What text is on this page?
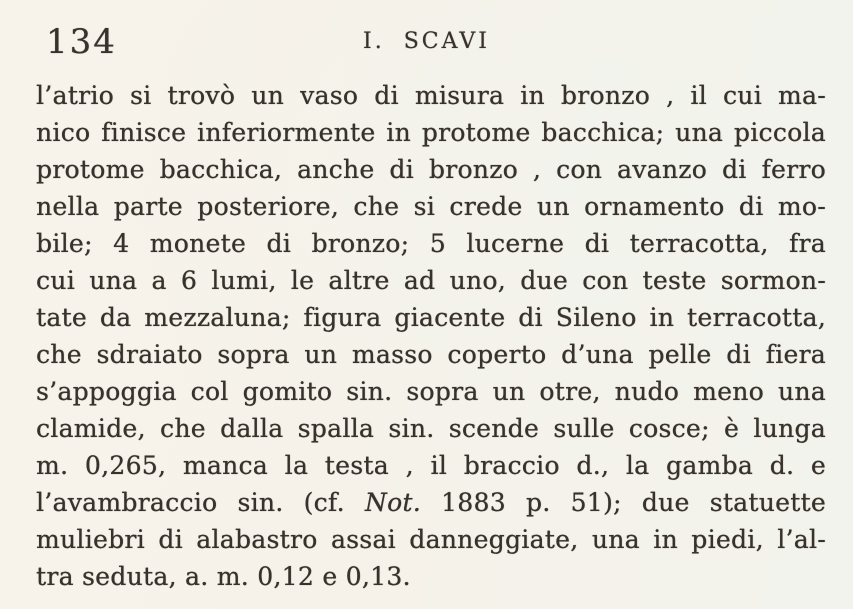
134	I. SCAVI
l’atrio si trovò un vaso di misura in bronzo , il cui ma-
nico finisce inferiormente in protome bacchica; una piccola
protome bacchica, anche di bronzo , con avanzo di ferro
nella parte posteriore, che si crede un ornamento di mo-
bile; 4 monete di bronzo; 5 lucerne di terracotta, fra
cui una a 6 lumi, le altre ad uno, due con teste sormon-
tate da mezzaluna; figura giacente di Sileno in terracotta,
che sdraiato sopra un masso coperto d’una pelle di fiera
s’appoggia col gomito sin. sopra un otre, nudo meno una
clamide, che dalla spalla sin. scende sulle cosce; è lunga
m. 0,265, manca la testa , il braccio d., la gamba d. e
l’avambraccio sin. (cf. Not. 1883 p. 51); due statuette
muliebri di alabastro assai danneggiate, una in piedi, l’al-
tra seduta, a. m. 0,12 e 0,13.
